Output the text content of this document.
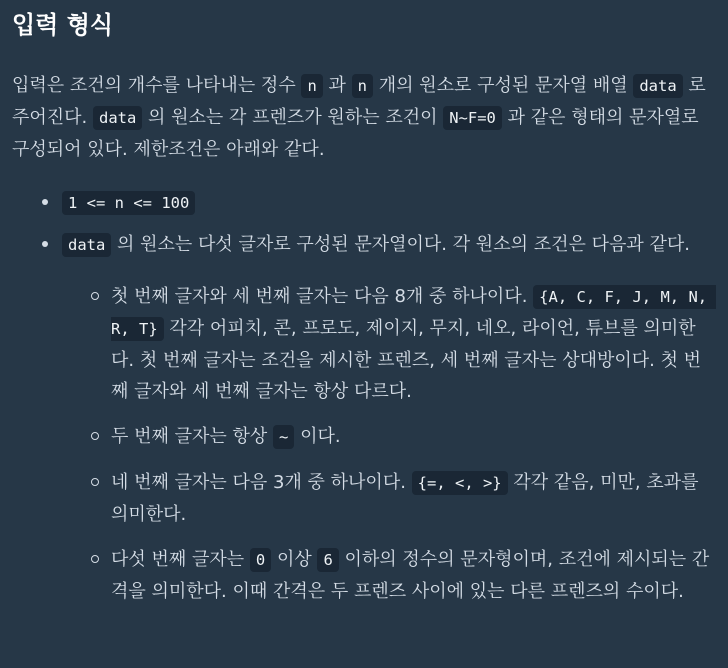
입력 형식

입력은 조건의 개수를 나타내는 정수 n 과 n 개의 원소로 구성된 문자열 배열 data 로 주어진다. data 의 원소는 각 프렌즈가 원하는 조건이 N~F=0 과 같은 형태의 문자열로 구성되어 있다. 제한조건은 아래와 같다.

1 <= n <= 100
data 의 원소는 다섯 글자로 구성된 문자열이다. 각 원소의 조건은 다음과 같다.
첫 번째 글자와 세 번째 글자는 다음 8개 중 하나이다. {A, C, F, J, M, N, R, T} 각각 어피치, 콘, 프로도, 제이지, 무지, 네오, 라이언, 튜브를 의미한다. 첫 번째 글자는 조건을 제시한 프렌즈, 세 번째 글자는 상대방이다. 첫 번째 글자와 세 번째 글자는 항상 다르다.
두 번째 글자는 항상 ~ 이다.
네 번째 글자는 다음 3개 중 하나이다. {=, <, >} 각각 같음, 미만, 초과를 의미한다.
다섯 번째 글자는 0 이상 6 이하의 정수의 문자형이며, 조건에 제시되는 간격을 의미한다. 이때 간격은 두 프렌즈 사이에 있는 다른 프렌즈의 수이다.
